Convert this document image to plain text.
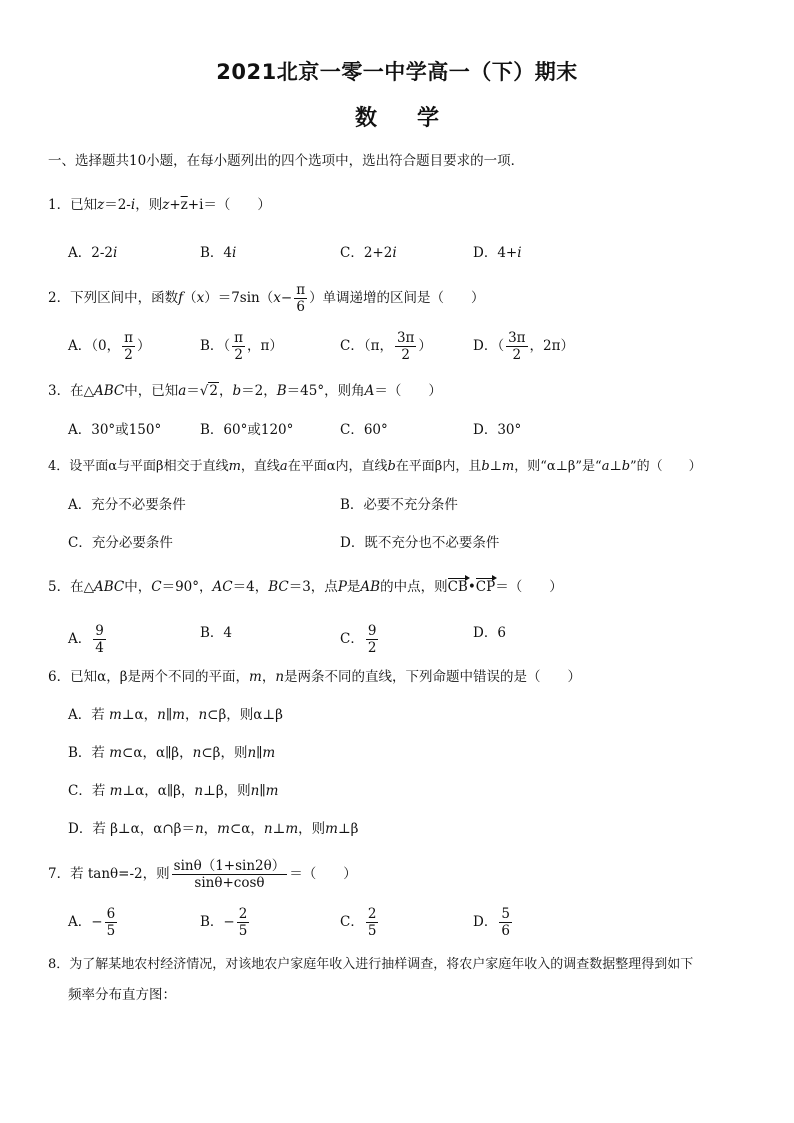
2021北京一零一中学高一（下）期末
数 学
一、选择题共10小题，在每小题列出的四个选项中，选出符合题目要求的一项．
1．已知z＝2-i，则$z+\overline{z}+i=$（　　）
A．2-2i	B．4i	C．2+2i	D．4+i
2．下列区间中，函数$f(x)=7\sin(x- \frac{\pi}{6}$ ）单调递增的区间是（　　）
A．（0， $\frac{\pi}{2}$ ）	B．（ $\frac{\pi}{2}$ ，π）	C．（π， $\frac{3\pi}{2}$ ）	D．（ $\frac{3\pi}{2}$ ，2π）
3．在△ABC中，已知a＝√2，b＝2，B＝45°，则角A＝（　　）
A．30°或150°	B．60°或120°	C．60°	D．30°
4．设平面α与平面β相交于直线m，直线a在平面α内，直线b在平面β内，且b⊥m，则“α⊥β”是“a⊥b”的（　　）
A．充分不必要条件	B．必要不充分条件
C．充分必要条件	D．既不充分也不必要条件
5．在△ABC中，C＝90°，AC＝4，BC＝3，点P是AB的中点，则CB•CP＝（　　）
A． $\frac{9}{4}$	B．4	C． $\frac{9}{2}$	D．6
6．已知α，β是两个不同的平面，m，n是两条不同的直线，下列命题中错误的是（　　）
A．若 m⊥α，n∥m，n⊂β，则α⊥β
B．若 m⊂α，α∥β，n⊂β，则n∥m
C．若 m⊥α，α∥β，n⊥β，则n∥m
D．若 β⊥α，α∩β＝n，m⊂α，n⊥m，则m⊥β
7．若 tanθ=-2，则 $\frac{\sin\theta(1+\sin 2\theta)}{\sin\theta+\cos\theta}$ ＝（　　）
A．− $\frac{6}{5}$	B．− $\frac{2}{5}$	C． $\frac{2}{5}$	D． $\frac{5}{6}$
8．为了解某地农村经济情况，对该地农户家庭年收入进行抽样调查，将农户家庭年收入的调查数据整理得到如下
频率分布直方图：
